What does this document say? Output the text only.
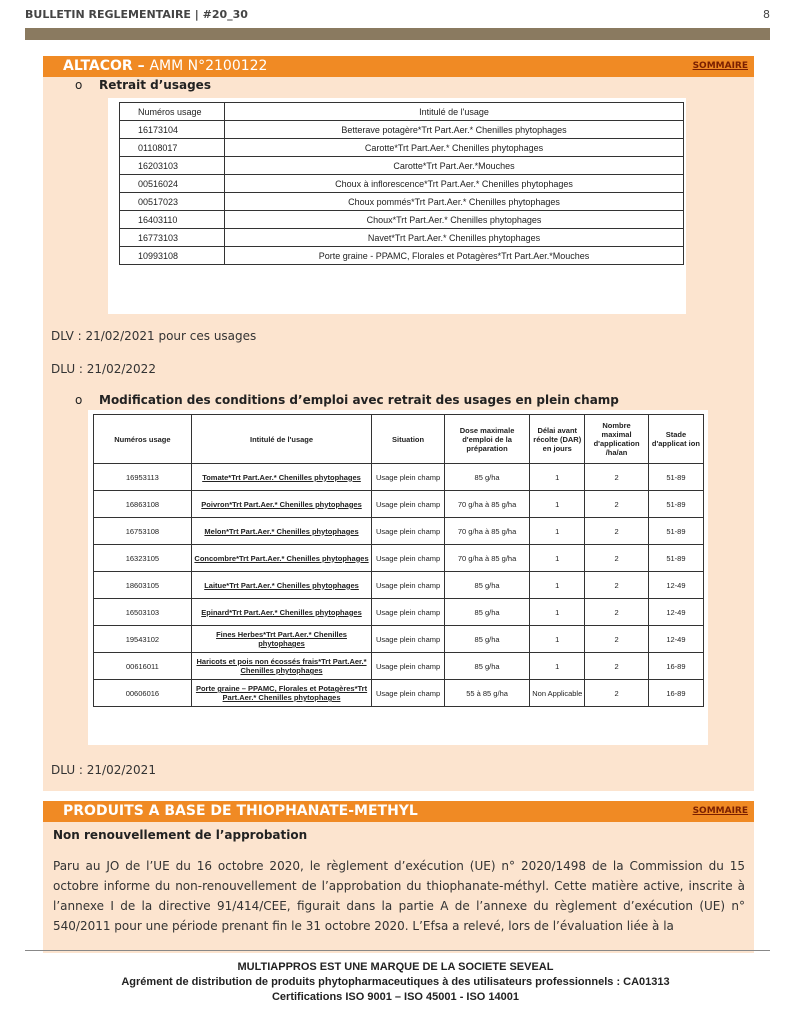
BULLETIN REGLEMENTAIRE | #20_30	8
ALTACOR – AMM N°2100122	SOMMAIRE
o Retrait d’usages
Numéros usage	Intitulé de l'usage
16173104	Betterave potagère*Trt Part.Aer.* Chenilles phytophages
01108017	Carotte*Trt Part.Aer.* Chenilles phytophages
16203103	Carotte*Trt Part.Aer.*Mouches
00516024	Choux à inflorescence*Trt Part.Aer.* Chenilles phytophages
00517023	Choux pommés*Trt Part.Aer.* Chenilles phytophages
16403110	Choux*Trt Part.Aer.* Chenilles phytophages
16773103	Navet*Trt Part.Aer.* Chenilles phytophages
10993108	Porte graine - PPAMC, Florales et Potagères*Trt Part.Aer.*Mouches
DLV : 21/02/2021 pour ces usages
DLU : 21/02/2022
o Modification des conditions d’emploi avec retrait des usages en plein champ
Numéros usage	Intitulé de l'usage	Situation	Dose maximale d'emploi de la préparation	Délai avant récolte (DAR) en jours	Nombre maximal d'application /ha/an	Stade d'applicat ion
16953113	Tomate*Trt Part.Aer.* Chenilles phytophages	Usage plein champ	85 g/ha	1	2	51-89
16863108	Poivron*Trt Part.Aer.* Chenilles phytophages	Usage plein champ	70 g/ha à 85 g/ha	1	2	51-89
16753108	Melon*Trt Part.Aer.* Chenilles phytophages	Usage plein champ	70 g/ha à 85 g/ha	1	2	51-89
16323105	Concombre*Trt Part.Aer.* Chenilles phytophages	Usage plein champ	70 g/ha à 85 g/ha	1	2	51-89
18603105	Laitue*Trt Part.Aer.* Chenilles phytophages	Usage plein champ	85 g/ha	1	2	12-49
16503103	Epinard*Trt Part.Aer.* Chenilles phytophages	Usage plein champ	85 g/ha	1	2	12-49
19543102	Fines Herbes*Trt Part.Aer.* Chenilles phytophages	Usage plein champ	85 g/ha	1	2	12-49
00616011	Haricots et pois non écossés frais*Trt Part.Aer.* Chenilles phytophages	Usage plein champ	85 g/ha	1	2	16-89
00606016	Porte graine – PPAMC, Florales et Potagères*Trt Part.Aer.* Chenilles phytophages	Usage plein champ	55 à 85 g/ha	Non Applicable	2	16-89
DLU : 21/02/2021
PRODUITS A BASE DE THIOPHANATE-METHYL	SOMMAIRE
Non renouvellement de l’approbation
Paru au JO de l’UE du 16 octobre 2020, le règlement d’exécution (UE) n° 2020/1498 de la Commission du 15 octobre informe du non-renouvellement de l’approbation du thiophanate-méthyl. Cette matière active, inscrite à l’annexe I de la directive 91/414/CEE, figurait dans la partie A de l’annexe du règlement d’exécution (UE) n° 540/2011 pour une période prenant fin le 31 octobre 2020. L’Efsa a relevé, lors de l’évaluation liée à la
MULTIAPPROS EST UNE MARQUE DE LA SOCIETE SEVEAL
Agrément de distribution de produits phytopharmaceutiques à des utilisateurs professionnels : CA01313
Certifications ISO 9001 – ISO 45001 - ISO 14001
